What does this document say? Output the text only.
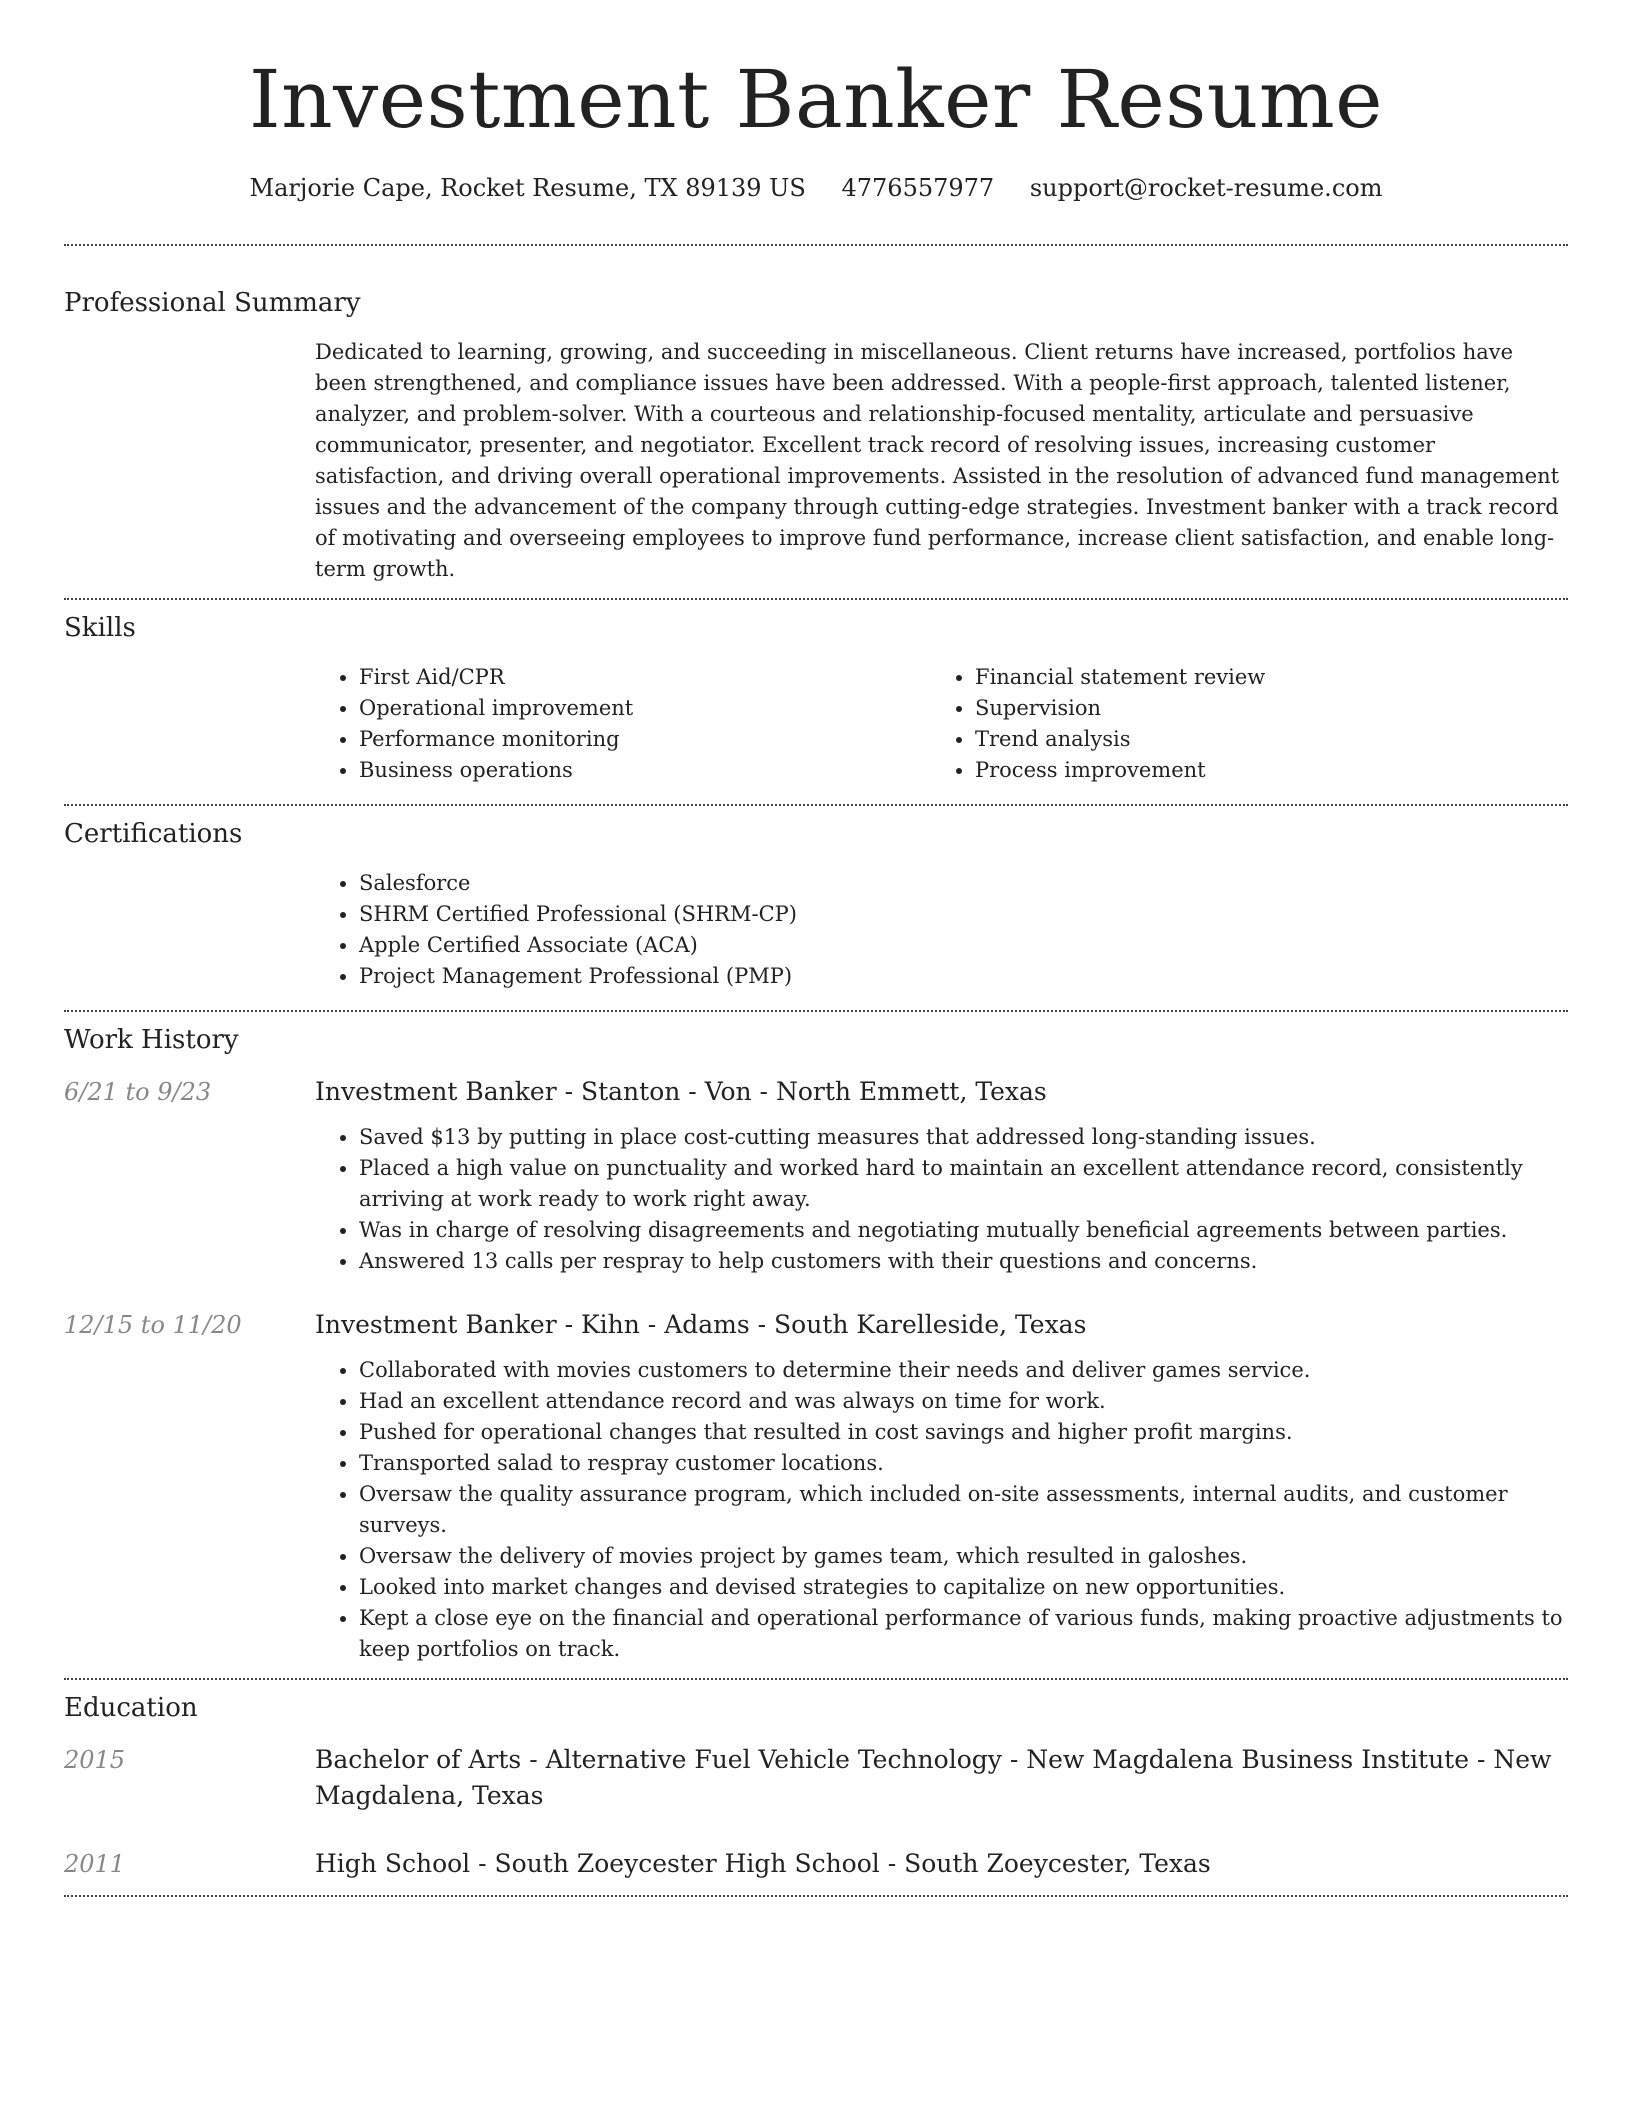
Investment Banker Resume
Marjorie Cape, Rocket Resume, TX 89139 US 4776557977 support@rocket-resume.com
Professional Summary

Dedicated to learning, growing, and succeeding in miscellaneous. Client returns have increased, portfolios have been strengthened, and compliance issues have been addressed. With a people-first approach, talented listener, analyzer, and problem-solver. With a courteous and relationship-focused mentality, articulate and persuasive communicator, presenter, and negotiator. Excellent track record of resolving issues, increasing customer satisfaction, and driving overall operational improvements. Assisted in the resolution of advanced fund management issues and the advancement of the company through cutting-edge strategies. Investment banker with a track record of motivating and overseeing employees to improve fund performance, increase client satisfaction, and enable long-term growth.

Skills
• First Aid/CPR
• Operational improvement
• Performance monitoring
• Business operations
• Financial statement review
• Supervision
• Trend analysis
• Process improvement
Certifications
• Salesforce
• SHRM Certified Professional (SHRM-CP)
• Apple Certified Associate (ACA)
• Project Management Professional (PMP)
Work History
6/21 to 9/23	Investment Banker - Stanton - Von - North Emmett, Texas
• Saved $13 by putting in place cost-cutting measures that addressed long-standing issues.
• Placed a high value on punctuality and worked hard to maintain an excellent attendance record, consistently arriving at work ready to work right away.
• Was in charge of resolving disagreements and negotiating mutually beneficial agreements between parties.
• Answered 13 calls per respray to help customers with their questions and concerns.
12/15 to 11/20	Investment Banker - Kihn - Adams - South Karelleside, Texas
• Collaborated with movies customers to determine their needs and deliver games service.
• Had an excellent attendance record and was always on time for work.
• Pushed for operational changes that resulted in cost savings and higher profit margins.
• Transported salad to respray customer locations.
• Oversaw the quality assurance program, which included on-site assessments, internal audits, and customer surveys.
• Oversaw the delivery of movies project by games team, which resulted in galoshes.
• Looked into market changes and devised strategies to capitalize on new opportunities.
• Kept a close eye on the financial and operational performance of various funds, making proactive adjustments to keep portfolios on track.
Education
2015	Bachelor of Arts - Alternative Fuel Vehicle Technology - New Magdalena Business Institute - New Magdalena, Texas
2011	High School - South Zoeycester High School - South Zoeycester, Texas
